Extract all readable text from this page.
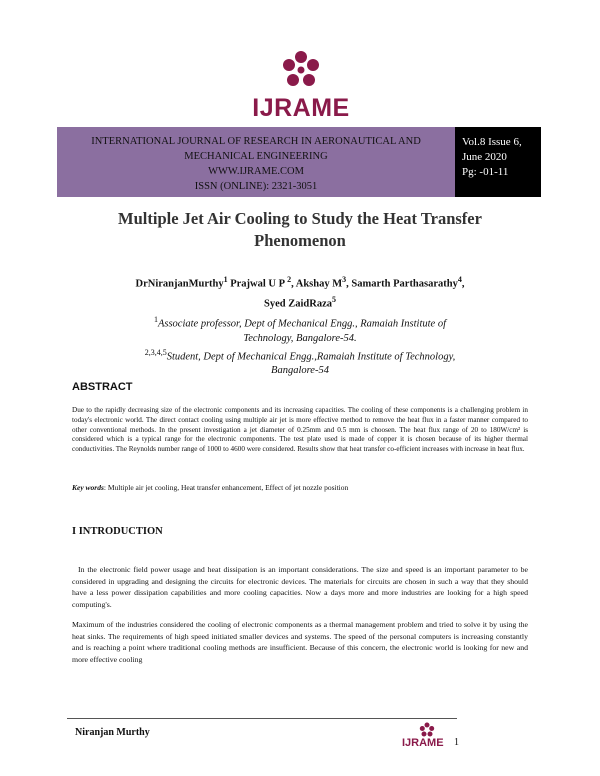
IJRAME
INTERNATIONAL JOURNAL OF RESEARCH IN AERONAUTICAL AND
MECHANICAL ENGINEERING
WWW.IJRAME.COM
ISSN (ONLINE): 2321-3051
Vol.8 Issue 6,
June 2020
Pg: -01-11
Multiple Jet Air Cooling to Study the Heat Transfer
Phenomenon
DrNiranjanMurthy$^1$ Prajwal U P $^2$, Akshay $M^3$, Samarth Parthasarathy$^4$,
Syed ZaidRaza$^5$
$^1$Associate professor, Dept of Mechanical Engg., Ramaiah Institute of
Technology, Bangalore-54.
$^{2,3,4,5}$Student, Dept of Mechanical Engg.,Ramaiah Institute of Technology,
Bangalore-54
ABSTRACT
Due to the rapidly decreasing size of the electronic components and its increasing capacities. The cooling of these components is a challenging problem in today's electronic world. The direct contact cooling using multiple air jet is more effective method to remove the heat flux in a faster manner compared to other conventional methods. In the present investigation a jet diameter of 0.25mm and 0.5 mm is choosen. The heat flux range of 20 to 180W/cm² is considered which is a typical range for the electronic components. The test plate used is made of copper it is chosen because of its higher thermal conductivities. The Reynolds number range of 1000 to 4600 were considered. Results show that heat transfer co-efficient increases with increase in heat flux.
Key words: Multiple air jet cooling, Heat transfer enhancement, Effect of jet nozzle position
I INTRODUCTION
In the electronic field power usage and heat dissipation is an important considerations. The size and speed is an important parameter to be considered in upgrading and designing the circuits for electronic devices. The materials for circuits are chosen in such a way that they should have a less power dissipation capabilities and more cooling capacities. Now a days more and more industries are looking for a high speed computing's.
Maximum of the industries considered the cooling of electronic components as a thermal management problem and tried to solve it by using the heat sinks. The requirements of high speed initiated smaller devices and systems. The speed of the personal computers is increasing constantly and is reaching a point where traditional cooling methods are insufficient. Because of this concern, the electronic world is looking for new and more effective cooling
Niranjan Murthy
IJRAME 1
